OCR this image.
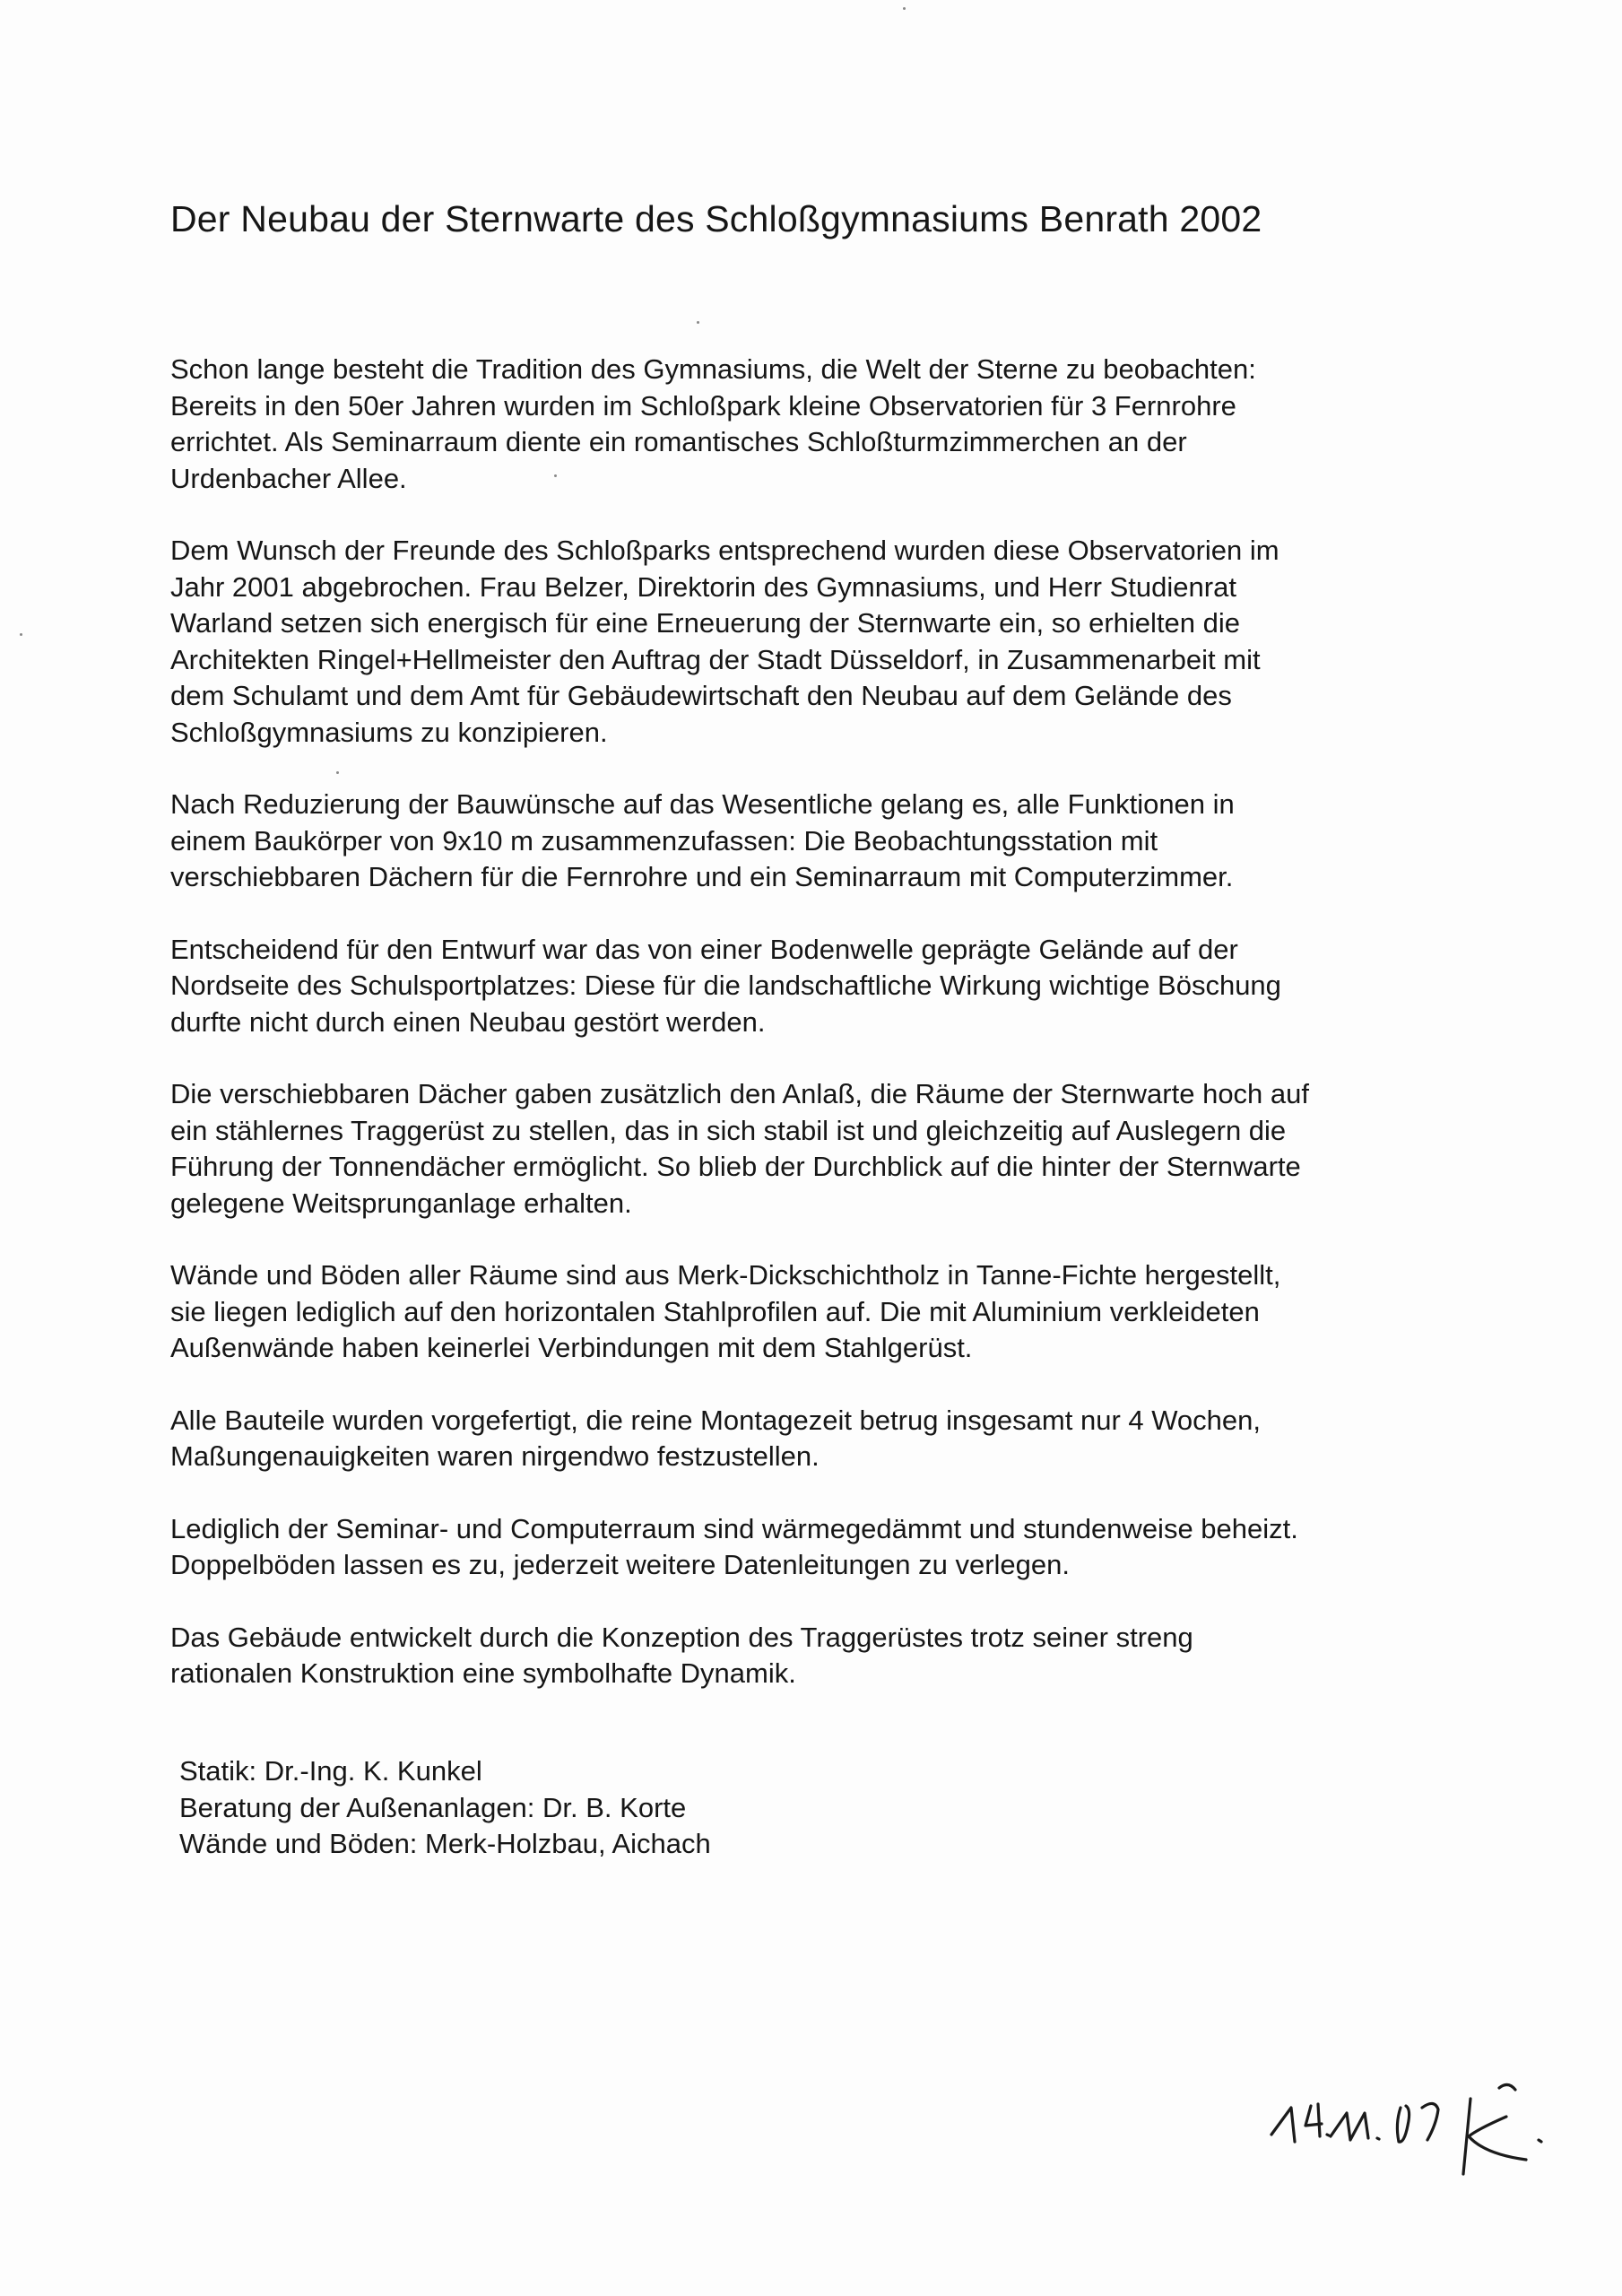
Der Neubau der Sternwarte des Schloßgymnasiums Benrath 2002

Schon lange besteht die Tradition des Gymnasiums, die Welt der Sterne zu beobachten:
Bereits in den 50er Jahren wurden im Schloßpark kleine Observatorien für 3 Fernrohre
errichtet. Als Seminarraum diente ein romantisches Schloßturmzimmerchen an der
Urdenbacher Allee.

Dem Wunsch der Freunde des Schloßparks entsprechend wurden diese Observatorien im
Jahr 2001 abgebrochen. Frau Belzer, Direktorin des Gymnasiums, und Herr Studienrat
Warland setzen sich energisch für eine Erneuerung der Sternwarte ein, so erhielten die
Architekten Ringel+Hellmeister den Auftrag der Stadt Düsseldorf, in Zusammenarbeit mit
dem Schulamt und dem Amt für Gebäudewirtschaft den Neubau auf dem Gelände des
Schloßgymnasiums zu konzipieren.

Nach Reduzierung der Bauwünsche auf das Wesentliche gelang es, alle Funktionen in
einem Baukörper von 9x10 m zusammenzufassen: Die Beobachtungsstation mit
verschiebbaren Dächern für die Fernrohre und ein Seminarraum mit Computerzimmer.

Entscheidend für den Entwurf war das von einer Bodenwelle geprägte Gelände auf der
Nordseite des Schulsportplatzes: Diese für die landschaftliche Wirkung wichtige Böschung
durfte nicht durch einen Neubau gestört werden.

Die verschiebbaren Dächer gaben zusätzlich den Anlaß, die Räume der Sternwarte hoch auf
ein stählernes Traggerüst zu stellen, das in sich stabil ist und gleichzeitig auf Auslegern die
Führung der Tonnendächer ermöglicht. So blieb der Durchblick auf die hinter der Sternwarte
gelegene Weitsprunganlage erhalten.

Wände und Böden aller Räume sind aus Merk-Dickschichtholz in Tanne-Fichte hergestellt,
sie liegen lediglich auf den horizontalen Stahlprofilen auf. Die mit Aluminium verkleideten
Außenwände haben keinerlei Verbindungen mit dem Stahlgerüst.

Alle Bauteile wurden vorgefertigt, die reine Montagezeit betrug insgesamt nur 4 Wochen,
Maßungenauigkeiten waren nirgendwo festzustellen.

Lediglich der Seminar- und Computerraum sind wärmegedämmt und stundenweise beheizt.
Doppelböden lassen es zu, jederzeit weitere Datenleitungen zu verlegen.

Das Gebäude entwickelt durch die Konzeption des Traggerüstes trotz seiner streng
rationalen Konstruktion eine symbolhafte Dynamik.

Statik: Dr.-Ing. K. Kunkel
Beratung der Außenanlagen: Dr. B. Korte
Wände und Böden: Merk-Holzbau, Aichach
